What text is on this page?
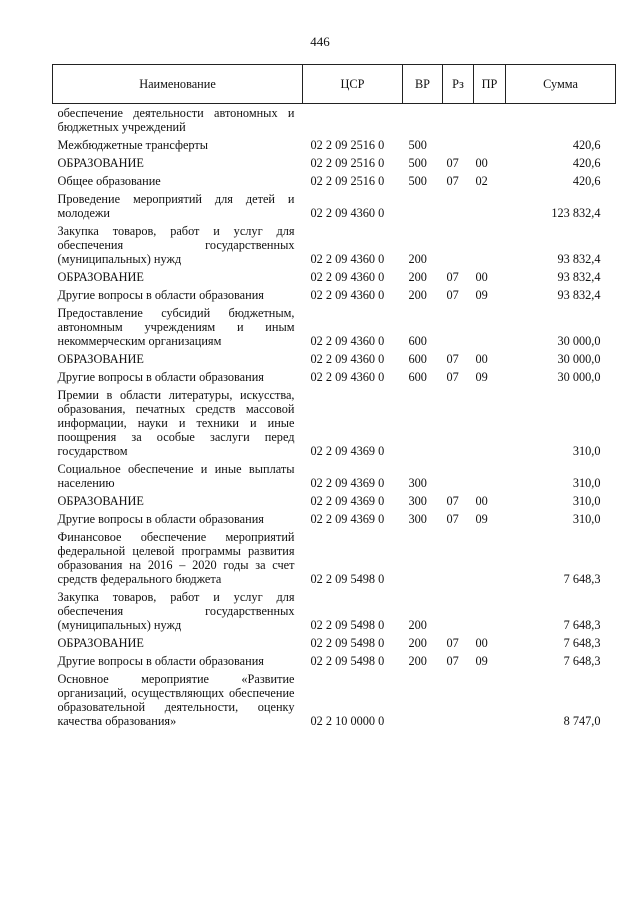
446
Наименование	ЦСР	ВР	Рз	ПР	Сумма
обеспечение деятельности автономных и бюджетных учреждений					
Межбюджетные трансферты	02 2 09 2516 0	500			420,6
ОБРАЗОВАНИЕ	02 2 09 2516 0	500	07	00	420,6
Общее образование	02 2 09 2516 0	500	07	02	420,6
Проведение мероприятий для детей и молодежи	02 2 09 4360 0				123 832,4
Закупка товаров, работ и услуг для обеспечения государственных (муниципальных) нужд	02 2 09 4360 0	200			93 832,4
ОБРАЗОВАНИЕ	02 2 09 4360 0	200	07	00	93 832,4
Другие вопросы в области образования	02 2 09 4360 0	200	07	09	93 832,4
Предоставление субсидий бюджетным, автономным учреждениям и иным некоммерческим организациям	02 2 09 4360 0	600			30 000,0
ОБРАЗОВАНИЕ	02 2 09 4360 0	600	07	00	30 000,0
Другие вопросы в области образования	02 2 09 4360 0	600	07	09	30 000,0
Премии в области литературы, искусства, образования, печатных средств массовой информации, науки и техники и иные поощрения за особые заслуги перед государством	02 2 09 4369 0				310,0
Социальное обеспечение и иные выплаты населению	02 2 09 4369 0	300			310,0
ОБРАЗОВАНИЕ	02 2 09 4369 0	300	07	00	310,0
Другие вопросы в области образования	02 2 09 4369 0	300	07	09	310,0
Финансовое обеспечение мероприятий федеральной целевой программы развития образования на 2016 – 2020 годы за счет средств федерального бюджета	02 2 09 5498 0				7 648,3
Закупка товаров, работ и услуг для обеспечения государственных (муниципальных) нужд	02 2 09 5498 0	200			7 648,3
ОБРАЗОВАНИЕ	02 2 09 5498 0	200	07	00	7 648,3
Другие вопросы в области образования	02 2 09 5498 0	200	07	09	7 648,3
Основное мероприятие «Развитие организаций, осуществляющих обеспечение образовательной деятельности, оценку качества образования»	02 2 10 0000 0				8 747,0
